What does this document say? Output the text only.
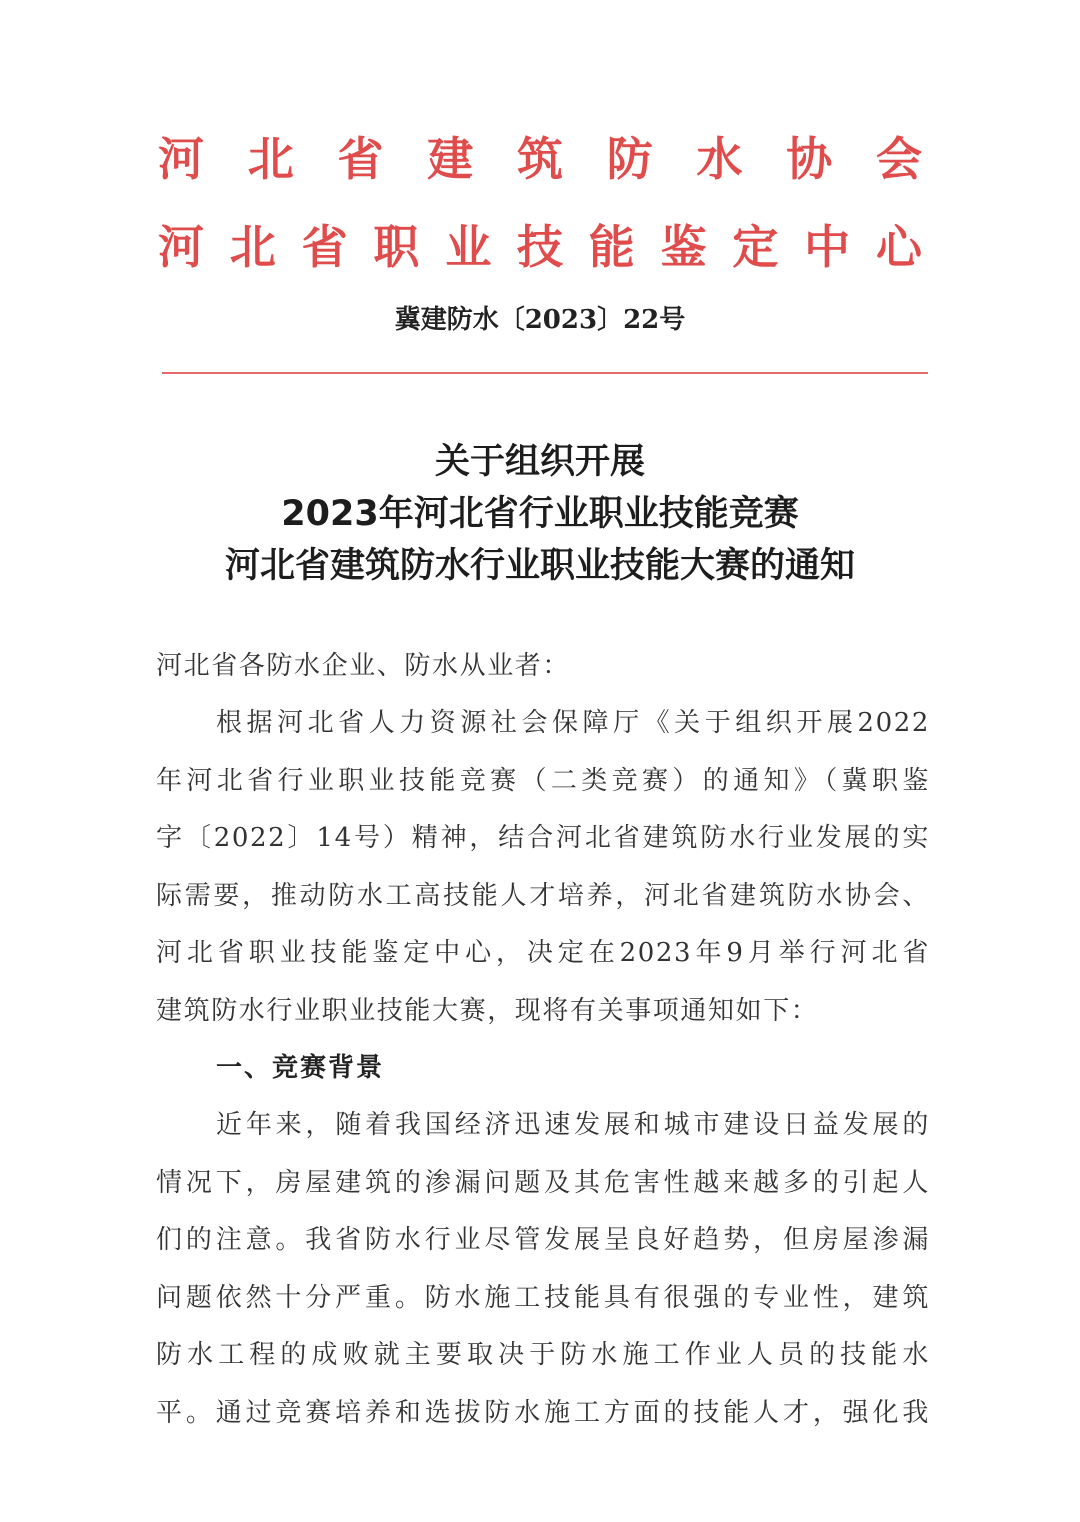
河 北 省 建 筑 防 水 协 会
河 北 省 职 业 技 能 鉴 定 中 心
冀建防水〔2023〕22号
关于组织开展
2023年河北省行业职业技能竞赛
河北省建筑防水行业职业技能大赛的通知
河北省各防水企业、防水从业者：
根据河北省人力资源社会保障厅《关于组织开展2022
年河北省行业职业技能竞赛（二类竞赛）的通知》（冀职鉴
字〔2022〕14号）精神，结合河北省建筑防水行业发展的实
际需要，推动防水工高技能人才培养，河北省建筑防水协会、
河北省职业技能鉴定中心，决定在2023年9月举行河北省
建筑防水行业职业技能大赛，现将有关事项通知如下：
一、竞赛背景
近年来，随着我国经济迅速发展和城市建设日益发展的
情况下，房屋建筑的渗漏问题及其危害性越来越多的引起人
们的注意。我省防水行业尽管发展呈良好趋势，但房屋渗漏
问题依然十分严重。防水施工技能具有很强的专业性，建筑
防水工程的成败就主要取决于防水施工作业人员的技能水
平。通过竞赛培养和选拔防水施工方面的技能人才，强化我
